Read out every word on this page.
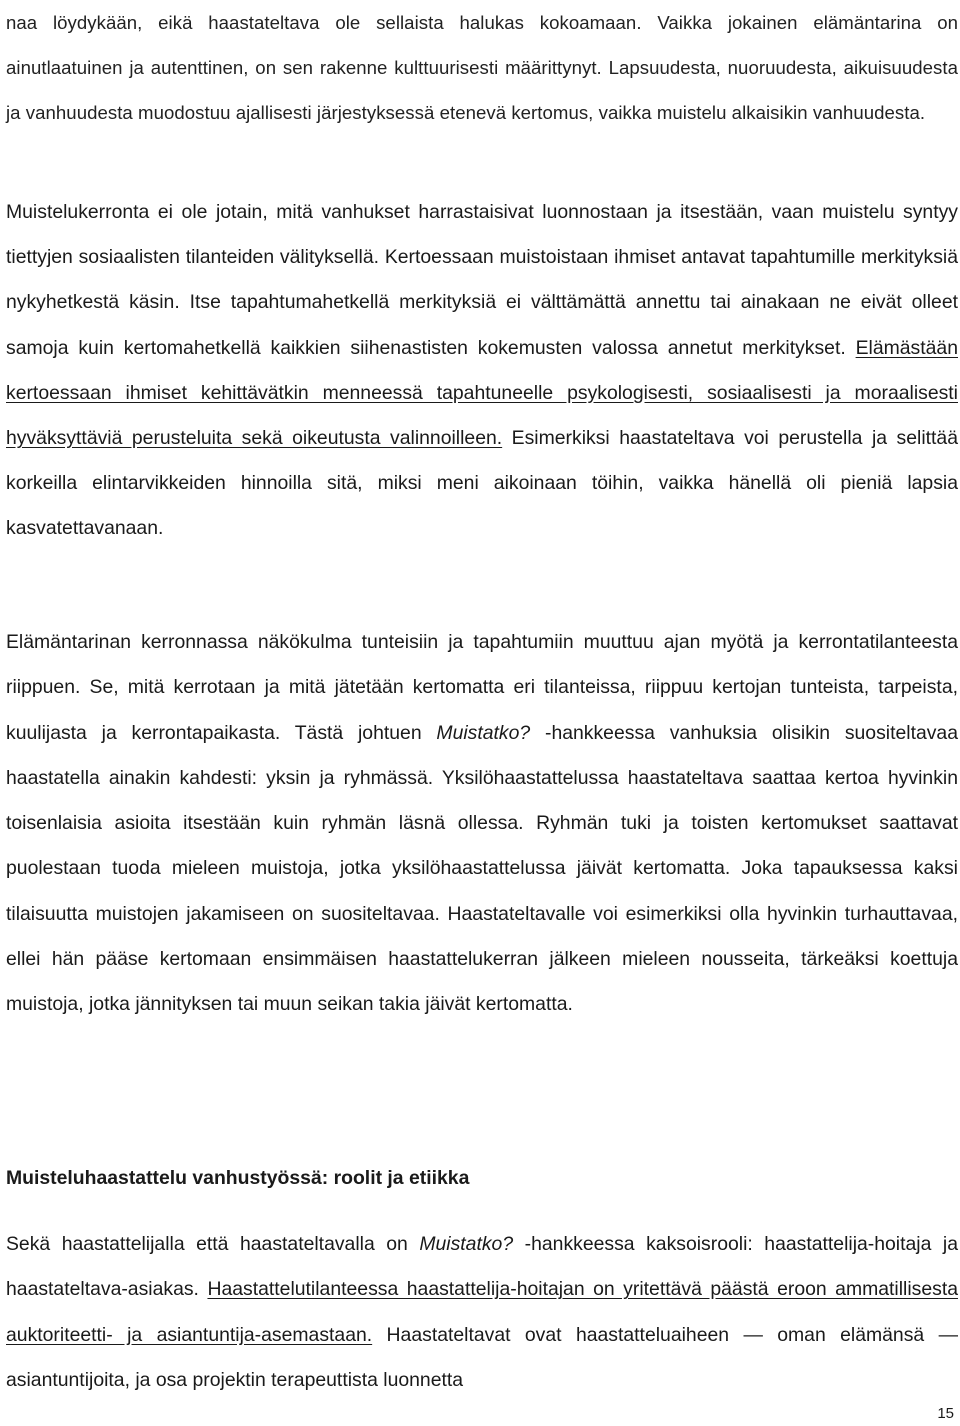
naa löydykään, eikä haastateltava ole sellaista halukas kokoamaan. Vaikka jokainen elämäntarina on ainutlaatuinen ja autenttinen, on sen rakenne kulttuurisesti määrittynyt. Lapsuudesta, nuoruudesta, aikuisuudesta ja vanhuudesta muodostuu ajallisesti järjestyksessä etenevä kertomus, vaikka muistelu alkaisikin vanhuudesta.

Muistelukerronta ei ole jotain, mitä vanhukset harrastaisivat luonnostaan ja itsestään, vaan muistelu syntyy tiettyjen sosiaalisten tilanteiden välityksellä. Kertoessaan muistoistaan ihmiset antavat tapahtumille merkityksiä nykyhetkestä käsin. Itse tapahtumahetkellä merkityksiä ei välttämättä annettu tai ainakaan ne eivät olleet samoja kuin kertomahetkellä kaikkien siihenastisten kokemusten valossa annetut merkitykset. Elämästään kertoessaan ihmiset kehittävätkin menneessä tapahtuneelle psykologisesti, sosiaalisesti ja moraalisesti hyväksyttäviä perusteluita sekä oikeutusta valinnoilleen. Esimerkiksi haastateltava voi perustella ja selittää korkeilla elintarvikkeiden hinnoilla sitä, miksi meni aikoinaan töihin, vaikka hänellä oli pieniä lapsia kasvatettavanaan.

Elämäntarinan kerronnassa näkökulma tunteisiin ja tapahtumiin muuttuu ajan myötä ja kerrontatilanteesta riippuen. Se, mitä kerrotaan ja mitä jätetään kertomatta eri tilanteissa, riippuu kertojan tunteista, tarpeista, kuulijasta ja kerrontapaikasta. Tästä johtuen Muistatko? -hankkeessa vanhuksia olisikin suositeltavaa haastatella ainakin kahdesti: yksin ja ryhmässä. Yksilöhaastattelussa haastateltava saattaa kertoa hyvinkin toisenlaisia asioita itsestään kuin ryhmän läsnä ollessa. Ryhmän tuki ja toisten kertomukset saattavat puolestaan tuoda mieleen muistoja, jotka yksilöhaastattelussa jäivät kertomatta. Joka tapauksessa kaksi tilaisuutta muistojen jakamiseen on suositeltavaa. Haastateltavalle voi esimerkiksi olla hyvinkin turhauttavaa, ellei hän pääse kertomaan ensimmäisen haastattelukerran jälkeen mieleen nousseita, tärkeäksi koettuja muistoja, jotka jännityksen tai muun seikan takia jäivät kertomatta.

Muisteluhaastattelu vanhustyössä: roolit ja etiikka

Sekä haastattelijalla että haastateltavalla on Muistatko? -hankkeessa kaksoisrooli: haastattelija-hoitaja ja haastateltava-asiakas. Haastattelutilanteessa haastattelija-hoitajan on yritettävä päästä eroon ammatillisesta auktoriteetti- ja asiantuntija-asemastaan. Haastateltavat ovat haastatteluaiheen — oman elämänsä — asiantuntijoita, ja osa projektin terapeuttista luonnetta

15
